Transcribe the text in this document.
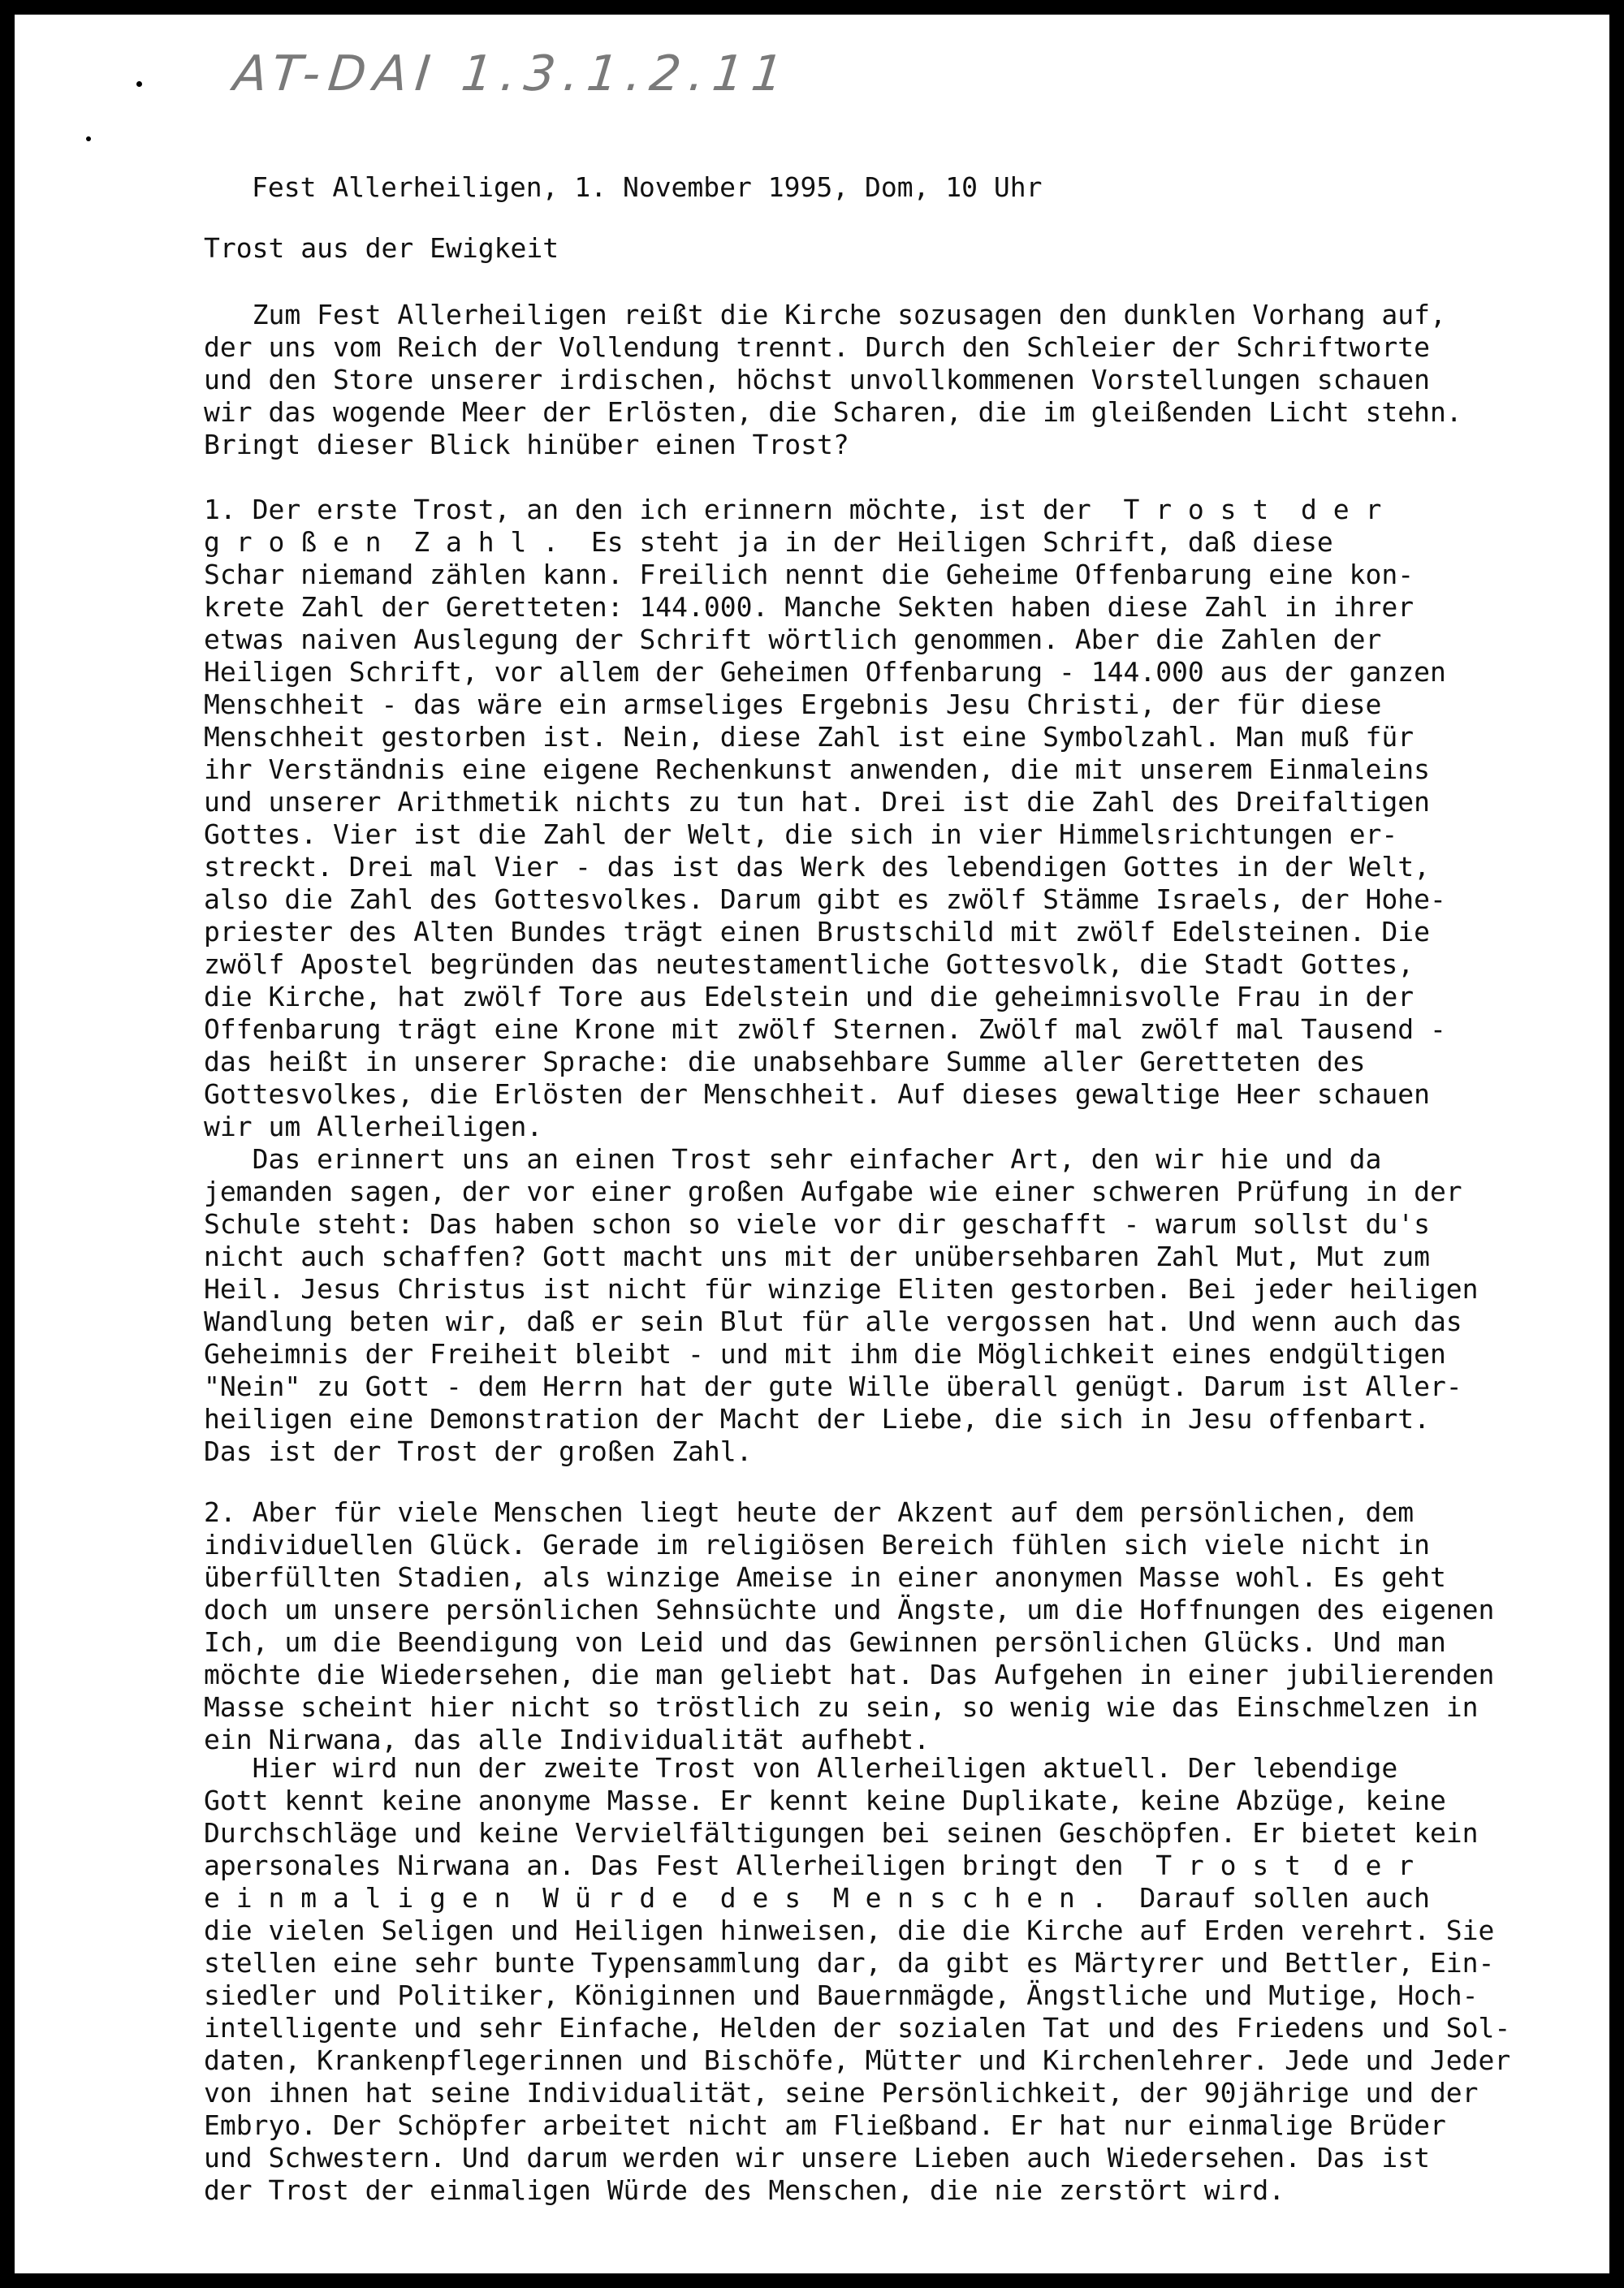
AT-DAI 1.3.1.2.11
Fest Allerheiligen, 1. November 1995, Dom, 10 Uhr
Trost aus der Ewigkeit
Zum Fest Allerheiligen reißt die Kirche sozusagen den dunklen Vorhang auf,
der uns vom Reich der Vollendung trennt. Durch den Schleier der Schriftworte
und den Store unserer irdischen, höchst unvollkommenen Vorstellungen schauen
wir das wogende Meer der Erlösten, die Scharen, die im gleißenden Licht stehn.
Bringt dieser Blick hinüber einen Trost?
1. Der erste Trost, an den ich erinnern möchte, ist der  T r o s t  d e r
g r o ß e n  Z a h l .  Es steht ja in der Heiligen Schrift, daß diese
Schar niemand zählen kann. Freilich nennt die Geheime Offenbarung eine kon-
krete Zahl der Geretteten: 144.000. Manche Sekten haben diese Zahl in ihrer
etwas naiven Auslegung der Schrift wörtlich genommen. Aber die Zahlen der
Heiligen Schrift, vor allem der Geheimen Offenbarung - 144.000 aus der ganzen
Menschheit - das wäre ein armseliges Ergebnis Jesu Christi, der für diese
Menschheit gestorben ist. Nein, diese Zahl ist eine Symbolzahl. Man muß für
ihr Verständnis eine eigene Rechenkunst anwenden, die mit unserem Einmaleins
und unserer Arithmetik nichts zu tun hat. Drei ist die Zahl des Dreifaltigen
Gottes. Vier ist die Zahl der Welt, die sich in vier Himmelsrichtungen er-
streckt. Drei mal Vier - das ist das Werk des lebendigen Gottes in der Welt,
also die Zahl des Gottesvolkes. Darum gibt es zwölf Stämme Israels, der Hohe-
priester des Alten Bundes trägt einen Brustschild mit zwölf Edelsteinen. Die
zwölf Apostel begründen das neutestamentliche Gottesvolk, die Stadt Gottes,
die Kirche, hat zwölf Tore aus Edelstein und die geheimnisvolle Frau in der
Offenbarung trägt eine Krone mit zwölf Sternen. Zwölf mal zwölf mal Tausend -
das heißt in unserer Sprache: die unabsehbare Summe aller Geretteten des
Gottesvolkes, die Erlösten der Menschheit. Auf dieses gewaltige Heer schauen
wir um Allerheiligen.
Das erinnert uns an einen Trost sehr einfacher Art, den wir hie und da
jemanden sagen, der vor einer großen Aufgabe wie einer schweren Prüfung in der
Schule steht: Das haben schon so viele vor dir geschafft - warum sollst du's
nicht auch schaffen? Gott macht uns mit der unübersehbaren Zahl Mut, Mut zum
Heil. Jesus Christus ist nicht für winzige Eliten gestorben. Bei jeder heiligen
Wandlung beten wir, daß er sein Blut für alle vergossen hat. Und wenn auch das
Geheimnis der Freiheit bleibt - und mit ihm die Möglichkeit eines endgültigen
"Nein" zu Gott - dem Herrn hat der gute Wille überall genügt. Darum ist Aller-
heiligen eine Demonstration der Macht der Liebe, die sich in Jesu offenbart.
Das ist der Trost der großen Zahl.
2. Aber für viele Menschen liegt heute der Akzent auf dem persönlichen, dem
individuellen Glück. Gerade im religiösen Bereich fühlen sich viele nicht in
überfüllten Stadien, als winzige Ameise in einer anonymen Masse wohl. Es geht
doch um unsere persönlichen Sehnsüchte und Ängste, um die Hoffnungen des eigenen
Ich, um die Beendigung von Leid und das Gewinnen persönlichen Glücks. Und man
möchte die Wiedersehen, die man geliebt hat. Das Aufgehen in einer jubilierenden
Masse scheint hier nicht so tröstlich zu sein, so wenig wie das Einschmelzen in
ein Nirwana, das alle Individualität aufhebt.
Hier wird nun der zweite Trost von Allerheiligen aktuell. Der lebendige
Gott kennt keine anonyme Masse. Er kennt keine Duplikate, keine Abzüge, keine
Durchschläge und keine Vervielfältigungen bei seinen Geschöpfen. Er bietet kein
apersonales Nirwana an. Das Fest Allerheiligen bringt den  T r o s t  d e r
e i n m a l i g e n  W ü r d e  d e s  M e n s c h e n .  Darauf sollen auch
die vielen Seligen und Heiligen hinweisen, die die Kirche auf Erden verehrt. Sie
stellen eine sehr bunte Typensammlung dar, da gibt es Märtyrer und Bettler, Ein-
siedler und Politiker, Königinnen und Bauernmägde, Ängstliche und Mutige, Hoch-
intelligente und sehr Einfache, Helden der sozialen Tat und des Friedens und Sol-
daten, Krankenpflegerinnen und Bischöfe, Mütter und Kirchenlehrer. Jede und Jeder
von ihnen hat seine Individualität, seine Persönlichkeit, der 90jährige und der
Embryo. Der Schöpfer arbeitet nicht am Fließband. Er hat nur einmalige Brüder
und Schwestern. Und darum werden wir unsere Lieben auch Wiedersehen. Das ist
der Trost der einmaligen Würde des Menschen, die nie zerstört wird.
